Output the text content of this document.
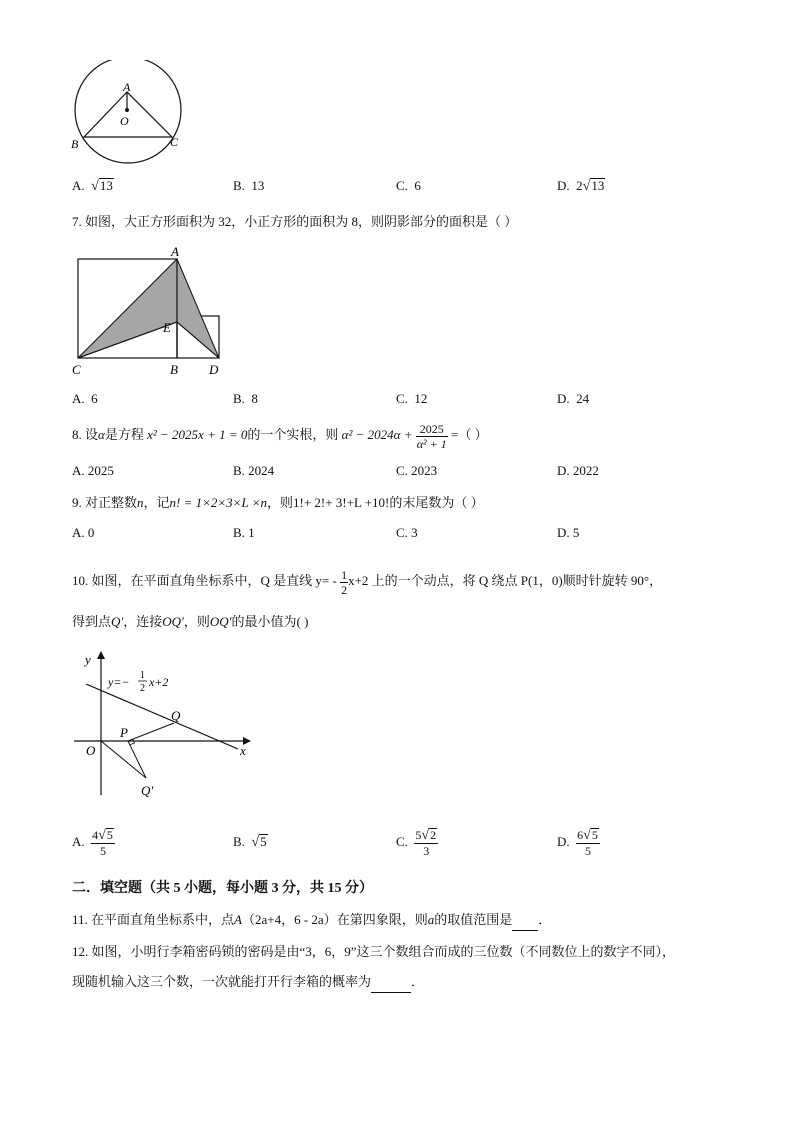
A
O
B	C
A. √13	B. 13	C. 6	D. 2√13
7. 如图，大正方形面积为 32，小正方形的面积为 8，则阴影部分的面积是（ ）
A
E
C	B D
A. 6	B. 8	C. 12	D. 24
8. 设α是方程 x² − 2025x + 1 = 0的一个实根，则 $\alpha^2 - 2024\alpha + \frac{2025}{\text{α² + 1}}$ =（ ）
A. 2025	B. 2024	C. 2023	D. 2022
9. 对正整数n，记n! = 1×2×3×L ×n，则1!+ 2!+ 3!+L +10!的末尾数为（ ）
A. 0	B. 1	C. 3	D. 5
10. 如图，在平面直角坐标系中，Q 是直线 $y= - \frac{1}{2} x+2$ 上的一个动点，将 Q 绕点 P(1，0)顺时针旋转 90°，
得到点Q′，连接OQ′，则OQ′的最小值为( )
y
x
O
P
Q
Q′
y=− 1
2 x+2
A. $\frac{4√5}{5}$	B. √5	C. $\frac{5√2}{3}$	D. $\frac{6√5}{5}$
二．填空题（共 5 小题，每小题 3 分，共 15 分）
11. 在平面直角坐标系中，点A（2a+4，6 - 2a）在第四象限，则a的取值范围是 ．
12. 如图，小明行李箱密码锁的密码是由“3，6，9”这三个数组合而成的三位数（不同数位上的数字不同），
现随机输入这三个数，一次就能打开行李箱的概率为	．
